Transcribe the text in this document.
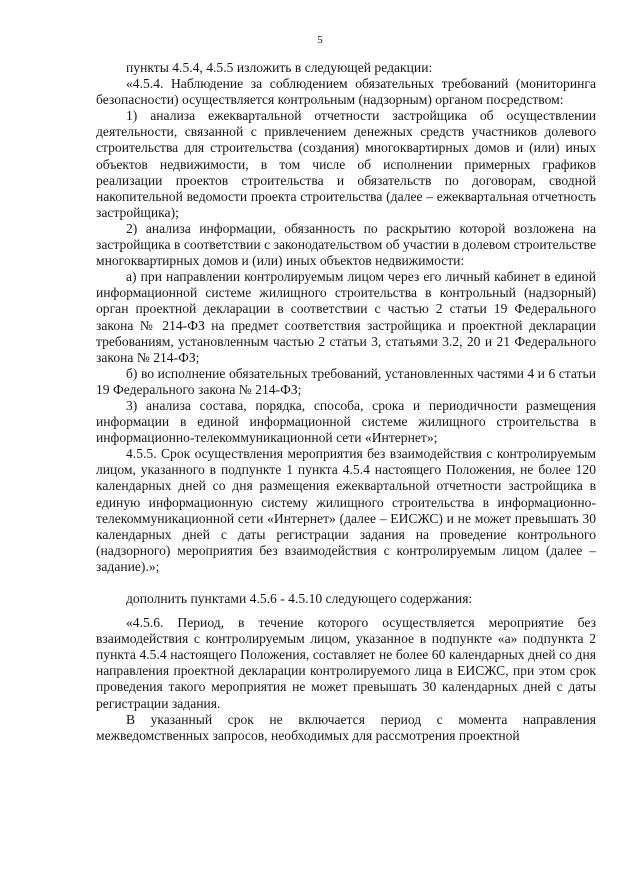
5

пункты 4.5.4, 4.5.5 изложить в следующей редакции:

«4.5.4. Наблюдение за соблюдением обязательных требований (мониторинга безопасности) осуществляется контрольным (надзорным) органом посредством:

1) анализа ежеквартальной отчетности застройщика об осуществлении деятельности, связанной с привлечением денежных средств участников долевого строительства для строительства (создания) многоквартирных домов и (или) иных объектов недвижимости, в том числе об исполнении примерных графиков реализации проектов строительства и обязательств по договорам, сводной накопительной ведомости проекта строительства (далее – ежеквартальная отчетность застройщика);

2) анализа информации, обязанность по раскрытию которой возложена на застройщика в соответствии с законодательством об участии в долевом строительстве многоквартирных домов и (или) иных объектов недвижимости:

а) при направлении контролируемым лицом через его личный кабинет в единой информационной системе жилищного строительства в контрольный (надзорный) орган проектной декларации в соответствии с частью 2 статьи 19 Федерального закона № 214-ФЗ на предмет соответствия застройщика и проектной декларации требованиям, установленным частью 2 статьи 3, статьями 3.2, 20 и 21 Федерального закона № 214-ФЗ;

б) во исполнение обязательных требований, установленных частями 4 и 6 статьи 19 Федерального закона № 214-ФЗ;

3) анализа состава, порядка, способа, срока и периодичности размещения информации в единой информационной системе жилищного строительства в информационно-телекоммуникационной сети «Интернет»;

4.5.5. Срок осуществления мероприятия без взаимодействия с контролируемым лицом, указанного в подпункте 1 пункта 4.5.4 настоящего Положения, не более 120 календарных дней со дня размещения ежеквартальной отчетности застройщика в единую информационную систему жилищного строительства в информационно-телекоммуникационной сети «Интернет» (далее – ЕИСЖС) и не может превышать 30 календарных дней с даты регистрации задания на проведение контрольного (надзорного) мероприятия без взаимодействия с контролируемым лицом (далее – задание).»;

дополнить пунктами 4.5.6 - 4.5.10 следующего содержания:

«4.5.6. Период, в течение которого осуществляется мероприятие без взаимодействия с контролируемым лицом, указанное в подпункте «а» подпункта 2 пункта 4.5.4 настоящего Положения, составляет не более 60 календарных дней со дня направления проектной декларации контролируемого лица в ЕИСЖС, при этом срок проведения такого мероприятия не может превышать 30 календарных дней с даты регистрации задания.

В указанный срок не включается период с момента направления межведомственных запросов, необходимых для рассмотрения проектной
